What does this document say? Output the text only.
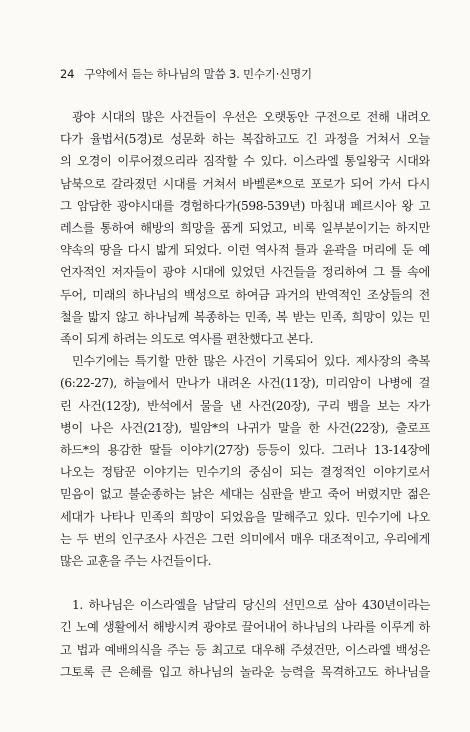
24 구약에서 듣는 하나님의 말씀 3. 민수기·신명기
광야 시대의 많은 사건들이 우선은 오랫동안 구전으로 전해 내려오
다가 율법서(5경)로 성문화 하는 복잡하고도 긴 과정을 거쳐서 오늘
의 오경이 이루어졌으리라 짐작할 수 있다. 이스라엘 통일왕국 시대와
남북으로 갈라졌던 시대를 거쳐서 바벨론*으로 포로가 되어 가서 다시
그 암담한 광야시대를 경험하다가(598-539년) 마침내 페르시아 왕 고
레스를 통하여 해방의 희망을 품게 되었고, 비록 일부분이기는 하지만
약속의 땅을 다시 밟게 되었다. 이런 역사적 틀과 윤곽을 머리에 둔 예
언자적인 저자들이 광야 시대에 있었던 사건들을 정리하여 그 틀 속에
두어, 미래의 하나님의 백성으로 하여금 과거의 반역적인 조상들의 전
철을 밟지 않고 하나님께 복종하는 민족, 복 받는 민족, 희망이 있는 민
족이 되게 하려는 의도로 역사를 편찬했다고 본다.
민수기에는 특기할 만한 많은 사건이 기록되어 있다. 제사장의 축복
(6:22-27), 하늘에서 만나가 내려온 사건(11장), 미리암이 나병에 걸
린 사건(12장), 반석에서 물을 낸 사건(20장), 구리 뱀을 보는 자가
병이 나은 사건(21장), 빌암*의 나귀가 말을 한 사건(22장), 출로프
하드*의 용감한 딸들 이야기(27장) 등등이 있다. 그러나 13-14장에
나오는 정탐꾼 이야기는 민수기의 중심이 되는 결정적인 이야기로서
믿음이 없고 불순종하는 낡은 세대는 심판을 받고 죽어 버렸지만 젊은
세대가 나타나 민족의 희망이 되었음을 말해주고 있다. 민수기에 나오
는 두 번의 인구조사 사건은 그런 의미에서 매우 대조적이고, 우리에게
많은 교훈을 주는 사건들이다.
1. 하나님은 이스라엘을 남달리 당신의 선민으로 삼아 430년이라는
긴 노예 생활에서 해방시켜 광야로 끌어내어 하나님의 나라를 이루게 하
고 법과 예배의식을 주는 등 최고로 대우해 주셨건만, 이스라엘 백성은
그토록 큰 은혜를 입고 하나님의 놀라운 능력을 목격하고도 하나님을
